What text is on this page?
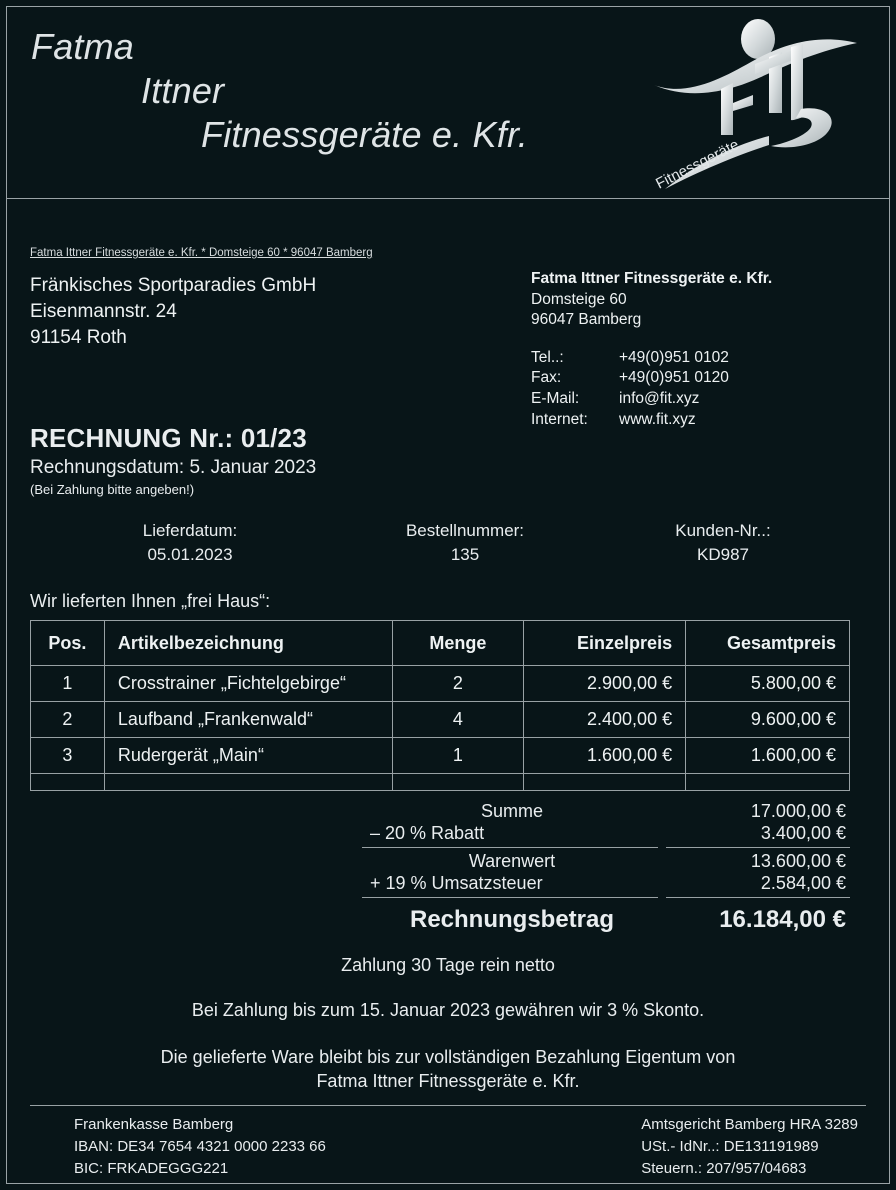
Fatma
Ittner
Fitnessgeräte e. Kfr.
Fitnessgeräte
Fatma Ittner Fitnessgeräte e. Kfr. * Domsteige 60 * 96047 Bamberg
Fränkisches Sportparadies GmbH
Eisenmannstr. 24
91154 Roth
Fatma Ittner Fitnessgeräte e. Kfr.
Domsteige 60
96047 Bamberg
Tel..:	+49(0)951 0102
Fax:	+49(0)951 0120
E-Mail:	info@fit.xyz
Internet:	www.fit.xyz
RECHNUNG Nr.: 01/23
Rechnungsdatum: 5. Januar 2023
(Bei Zahlung bitte angeben!)
Lieferdatum:
05.01.2023
Bestellnummer:
135
Kunden-Nr..:
KD987
Wir lieferten Ihnen „frei Haus“:
Pos.	Artikelbezeichnung	Menge	Einzelpreis	Gesamtpreis
1	Crosstrainer „Fichtelgebirge“	2	2.900,00 €	5.800,00 €
2	Laufband „Frankenwald“	4	2.400,00 €	9.600,00 €
3	Rudergerät „Main“	1	1.600,00 €	1.600,00 €

Summe	17.000,00 €
– 20 % Rabatt	3.400,00 €
Warenwert	13.600,00 €
+ 19 % Umsatzsteuer	2.584,00 €
Rechnungsbetrag	16.184,00 €
Zahlung 30 Tage rein netto
Bei Zahlung bis zum 15. Januar 2023 gewähren wir 3 % Skonto.
Die gelieferte Ware bleibt bis zur vollständigen Bezahlung Eigentum von
Fatma Ittner Fitnessgeräte e. Kfr.
Frankenkasse Bamberg
IBAN: DE34 7654 4321 0000 2233 66
BIC: FRKADEGGG221
Amtsgericht Bamberg HRA 3289
USt.- IdNr..: DE131191989
Steuern.: 207/957/04683
